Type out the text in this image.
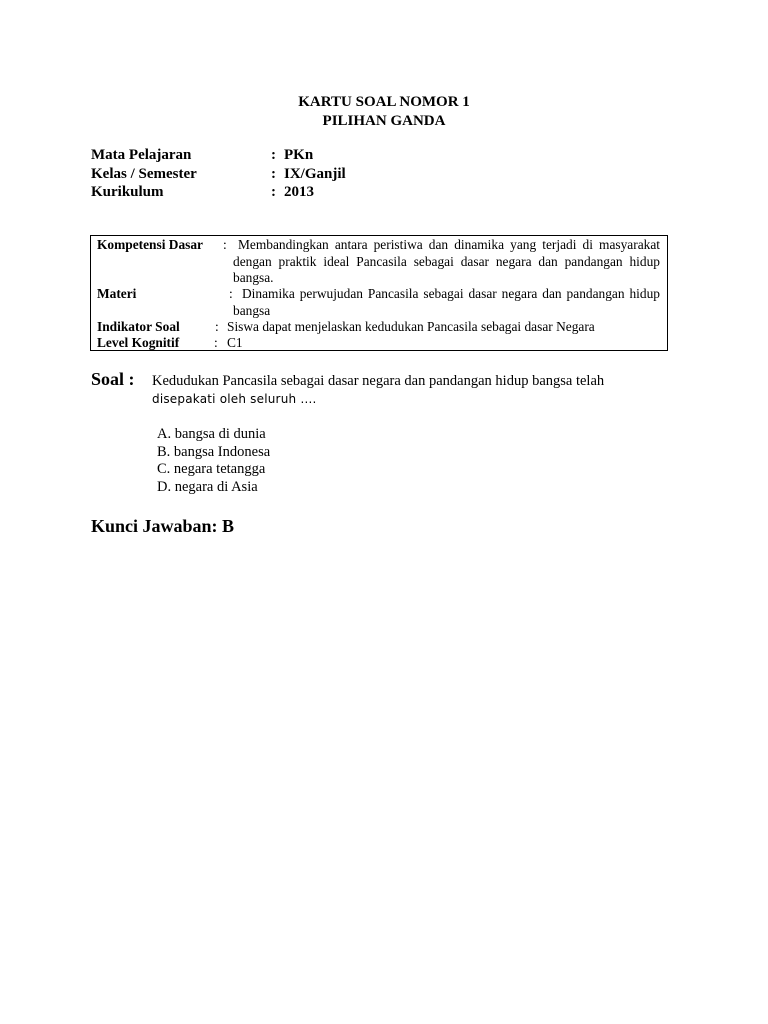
KARTU SOAL NOMOR 1
PILIHAN GANDA
Mata Pelajaran	: PKn
Kelas / Semester	: IX/Ganjil
Kurikulum	: 2013
Kompetensi Dasar : Membandingkan antara peristiwa dan dinamika yang terjadi di masyarakat dengan praktik ideal Pancasila sebagai dasar negara dan pandangan hidup bangsa.
Materi	: Dinamika perwujudan Pancasila sebagai dasar negara dan pandangan hidup bangsa
Indikator Soal	: Siswa dapat menjelaskan kedudukan Pancasila sebagai dasar Negara
Level Kognitif	: C1
Soal : Kedudukan Pancasila sebagai dasar negara dan pandangan hidup bangsa telah
disepakati oleh seluruh ….
A. bangsa di dunia
B. bangsa Indonesa
C. negara tetangga
D. negara di Asia
Kunci Jawaban: B
